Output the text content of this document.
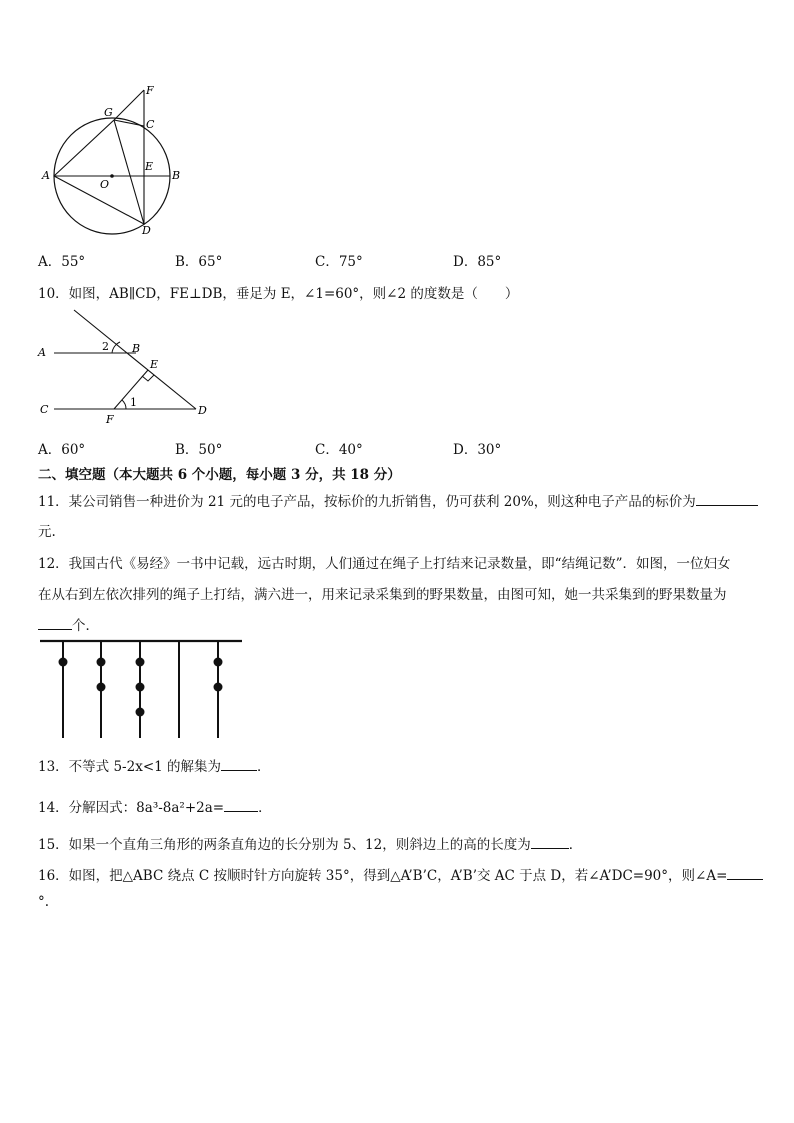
F
G
C
E
A
O
B
D
A．55°	B．65°	C．75°	D．85°
10．如图，AB∥CD，FE⊥DB，垂足为 E，∠1=60°，则∠2 的度数是（　　）
A	2 B
E
C
1
F
D
A．60°	B．50°	C．40°	D．30°
二、填空题（本大题共 6 个小题，每小题 3 分，共 18 分）
11．某公司销售一种进价为 21 元的电子产品，按标价的九折销售，仍可获利 20%，则这种电子产品的标价为
元.
12．我国古代《易经》一书中记载，远古时期，人们通过在绳子上打结来记录数量，即“结绳记数”．如图，一位妇女
在从右到左依次排列的绳子上打结，满六进一，用来记录采集到的野果数量，由图可知，她一共采集到的野果数量为
个．
13．不等式 5-2x<1 的解集为	．
14．分解因式：8a³-8a²+2a=	．
15．如果一个直角三角形的两条直角边的长分别为 5、12，则斜边上的高的长度为	．
16．如图，把△ABC 绕点 C 按顺时针方向旋转 35°，得到△A’B’C，A’B’交 AC 于点 D，若∠A’DC=90°，则∠A=
°.
